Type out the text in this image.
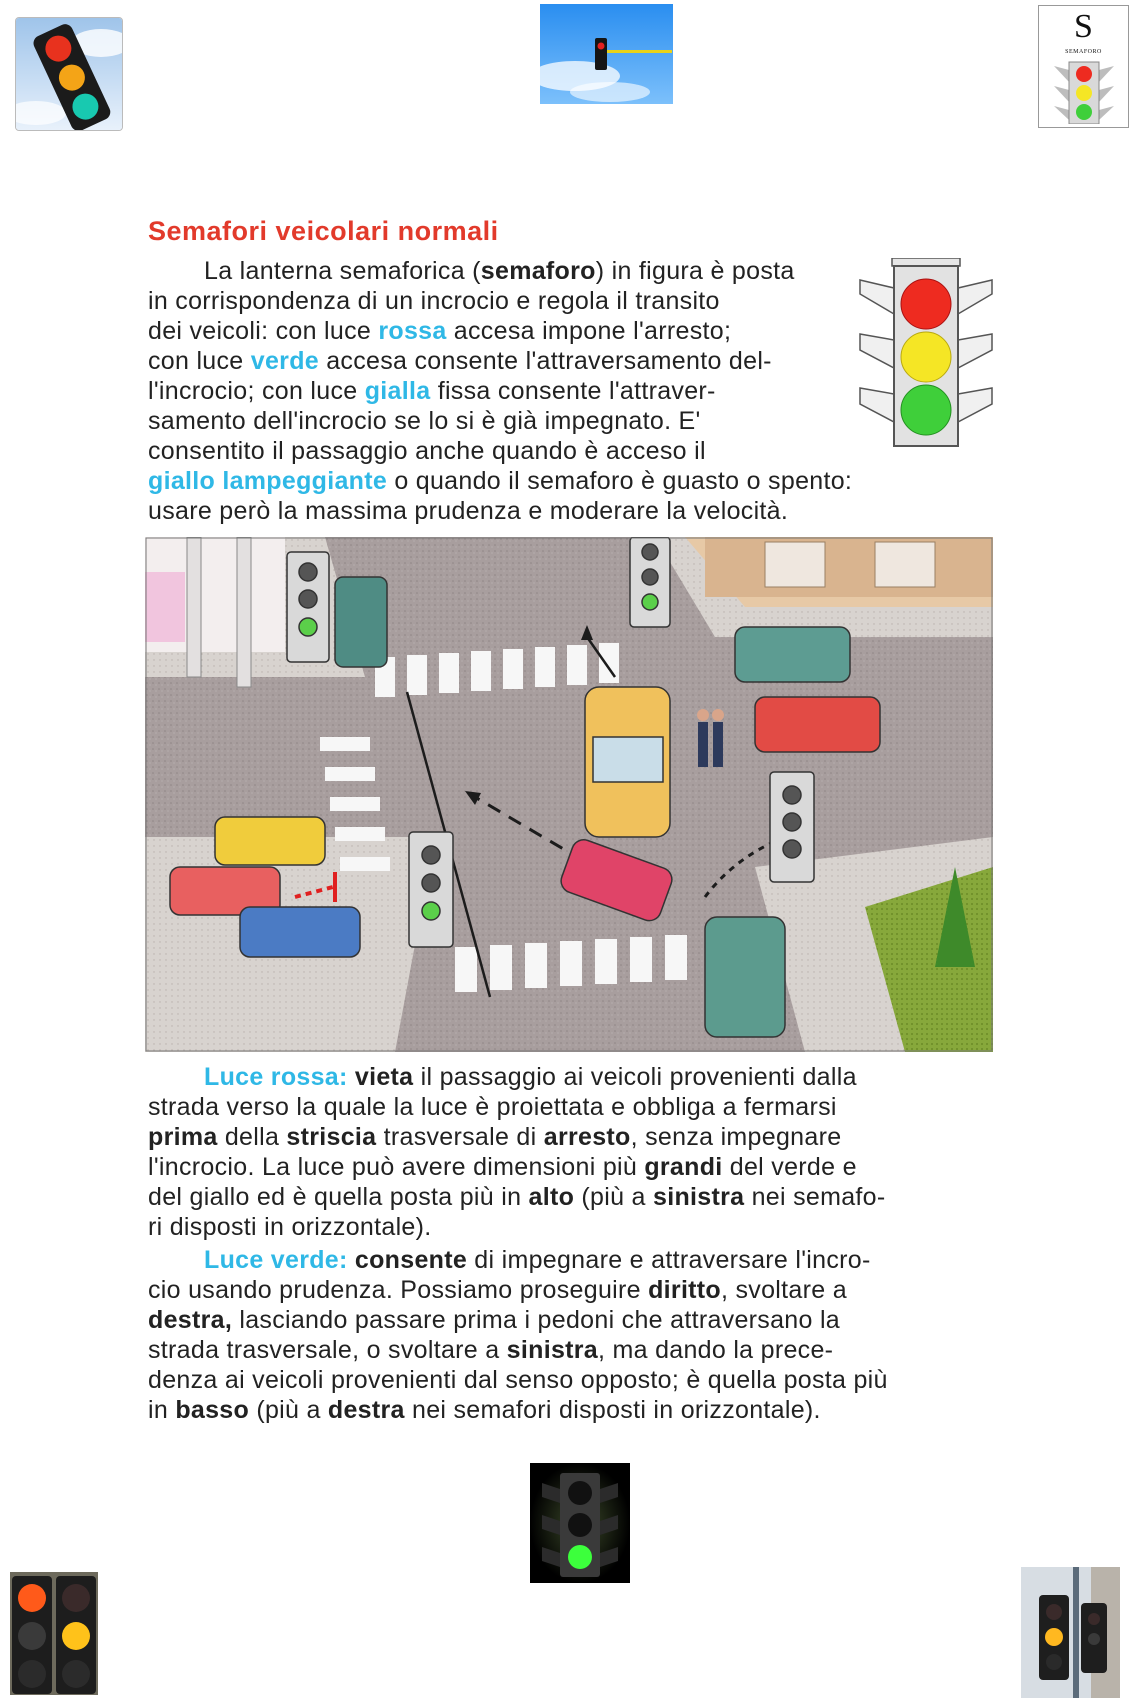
S
SEMAFORO
Semafori veicolari normali

La lanterna semaforica (semaforo) in figura è posta

in corrispondenza di un incrocio e regola il transito

dei veicoli: con luce rossa accesa impone l'arresto;

con luce verde accesa consente l'attraversamento del-

l'incrocio; con luce gialla fissa consente l'attraver-

samento dell'incrocio se lo si è già impegnato. E'

consentito il passaggio anche quando è acceso il

giallo lampeggiante o quando il semaforo è guasto o spento:

usare però la massima prudenza e moderare la velocità.

Luce rossa: vieta il passaggio ai veicoli provenienti dalla

strada verso la quale la luce è proiettata e obbliga a fermarsi

prima della striscia trasversale di arresto, senza impegnare

l'incrocio. La luce può avere dimensioni più grandi del verde e

del giallo ed è quella posta più in alto (più a sinistra nei semafo-

ri disposti in orizzontale).

Luce verde: consente di impegnare e attraversare l'incro-

cio usando prudenza. Possiamo proseguire diritto, svoltare a

destra, lasciando passare prima i pedoni che attraversano la

strada trasversale, o svoltare a sinistra, ma dando la prece-

denza ai veicoli provenienti dal senso opposto; è quella posta più

in basso (più a destra nei semafori disposti in orizzontale).
